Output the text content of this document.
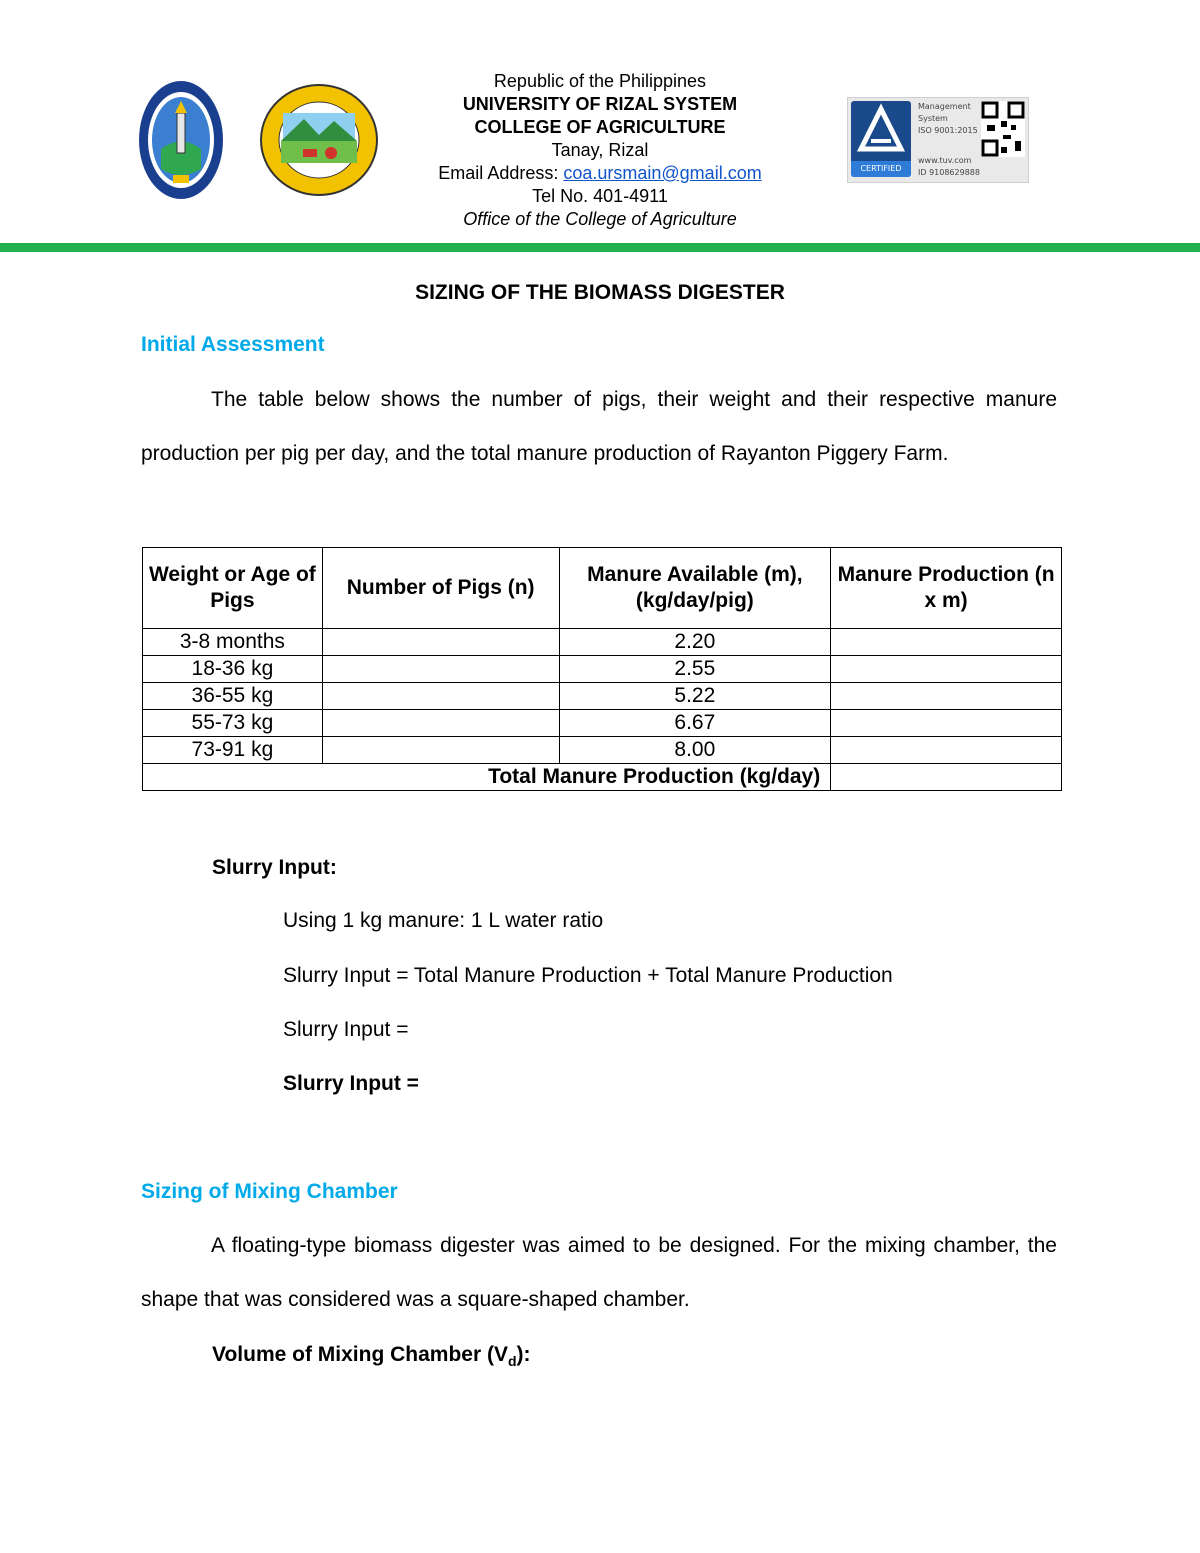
Republic of the Philippines
UNIVERSITY OF RIZAL SYSTEM
COLLEGE OF AGRICULTURE
Tanay, Rizal
Email Address: coa.ursmain@gmail.com
Tel No. 401-4911
Office of the College of Agriculture
CERTIFIED
Management
System
ISO 9001:2015
www.tuv.com
ID 9108629888
SIZING OF THE BIOMASS DIGESTER
Initial Assessment
The table below shows the number of pigs, their weight and their respective manure production per pig per day, and the total manure production of Rayanton Piggery Farm.
Weight or Age of Pigs	Number of Pigs (n)	Manure Available (m), (kg/day/pig)	Manure Production (n x m)
3-8 months		2.20	
18-36 kg		2.55	
36-55 kg		5.22	
55-73 kg		6.67	
73-91 kg		8.00	
Total Manure Production (kg/day)			
Slurry Input:
Using 1 kg manure: 1 L water ratio
Slurry Input = Total Manure Production + Total Manure Production
Slurry Input =
Slurry Input =
Sizing of Mixing Chamber
A floating-type biomass digester was aimed to be designed. For the mixing chamber, the shape that was considered was a square-shaped chamber.
Volume of Mixing Chamber $(V_d)$:
